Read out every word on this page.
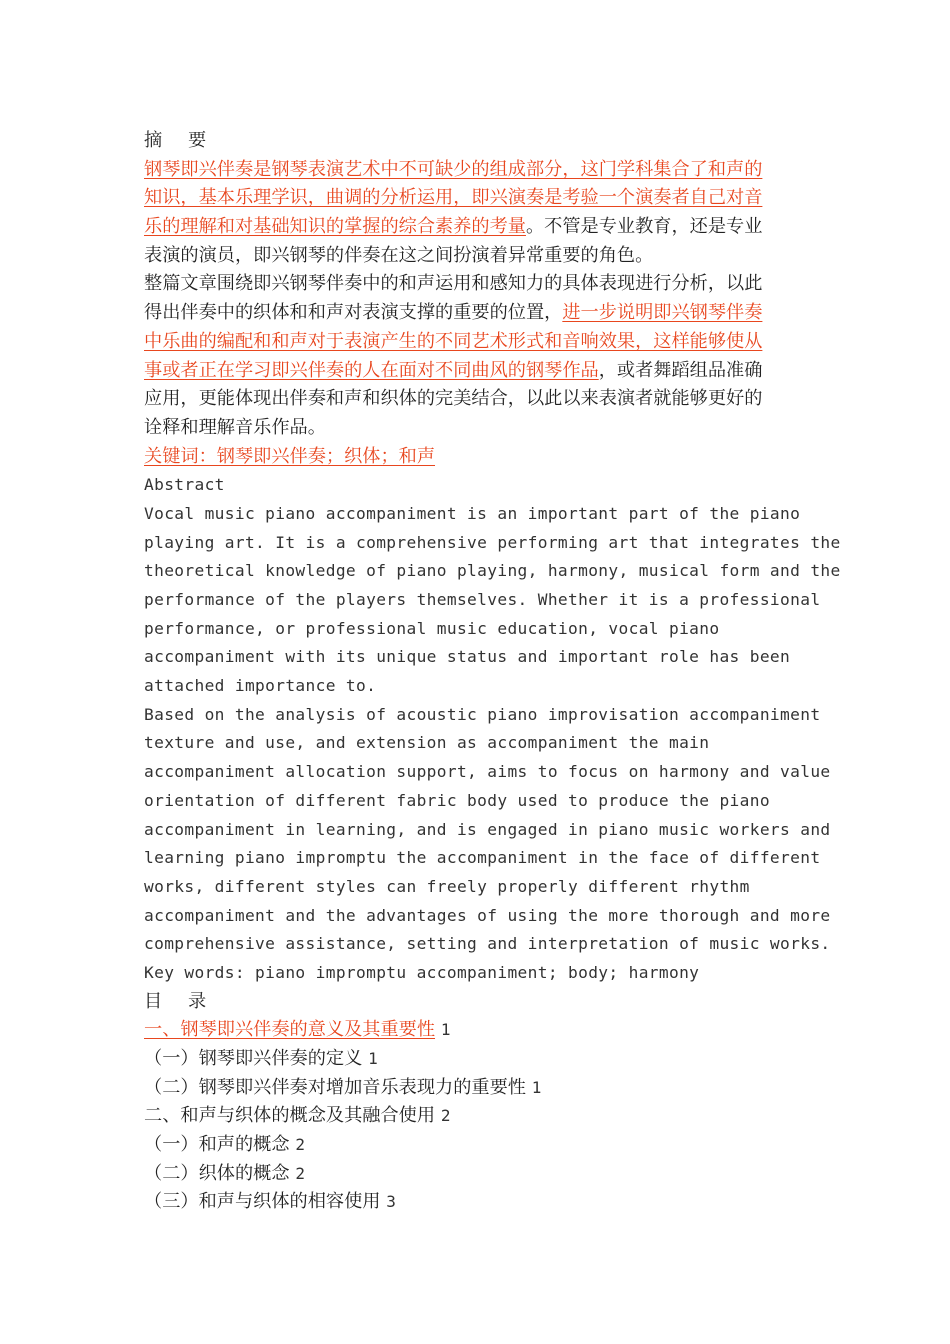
摘 要
钢琴即兴伴奏是钢琴表演艺术中不可缺少的组成部分，这门学科集合了和声的
知识，基本乐理学识，曲调的分析运用，即兴演奏是考验一个演奏者自己对音
乐的理解和对基础知识的掌握的综合素养的考量。不管是专业教育，还是专业
表演的演员，即兴钢琴的伴奏在这之间扮演着异常重要的角色。
整篇文章围绕即兴钢琴伴奏中的和声运用和感知力的具体表现进行分析，以此
得出伴奏中的织体和和声对表演支撑的重要的位置，进一步说明即兴钢琴伴奏
中乐曲的编配和和声对于表演产生的不同艺术形式和音响效果，这样能够使从
事或者正在学习即兴伴奏的人在面对不同曲风的钢琴作品，或者舞蹈组品准确
应用，更能体现出伴奏和声和织体的完美结合，以此以来表演者就能够更好的
诠释和理解音乐作品。
关键词：钢琴即兴伴奏；织体；和声
Abstract
Vocal music piano accompaniment is an important part of the piano
playing art. It is a comprehensive performing art that integrates the
theoretical knowledge of piano playing, harmony, musical form and the
performance of the players themselves. Whether it is a professional
performance, or professional music education, vocal piano
accompaniment with its unique status and important role has been
attached importance to.
Based on the analysis of acoustic piano improvisation accompaniment
texture and use, and extension as accompaniment the main
accompaniment allocation support, aims to focus on harmony and value
orientation of different fabric body used to produce the piano
accompaniment in learning, and is engaged in piano music workers and
learning piano impromptu the accompaniment in the face of different
works, different styles can freely properly different rhythm
accompaniment and the advantages of using the more thorough and more
comprehensive assistance, setting and interpretation of music works.
Key words: piano impromptu accompaniment; body; harmony
目 录
一、钢琴即兴伴奏的意义及其重要性 1
（一）钢琴即兴伴奏的定义 1
（二）钢琴即兴伴奏对增加音乐表现力的重要性 1
二、和声与织体的概念及其融合使用 2
（一）和声的概念 2
（二）织体的概念 2
（三）和声与织体的相容使用 3
